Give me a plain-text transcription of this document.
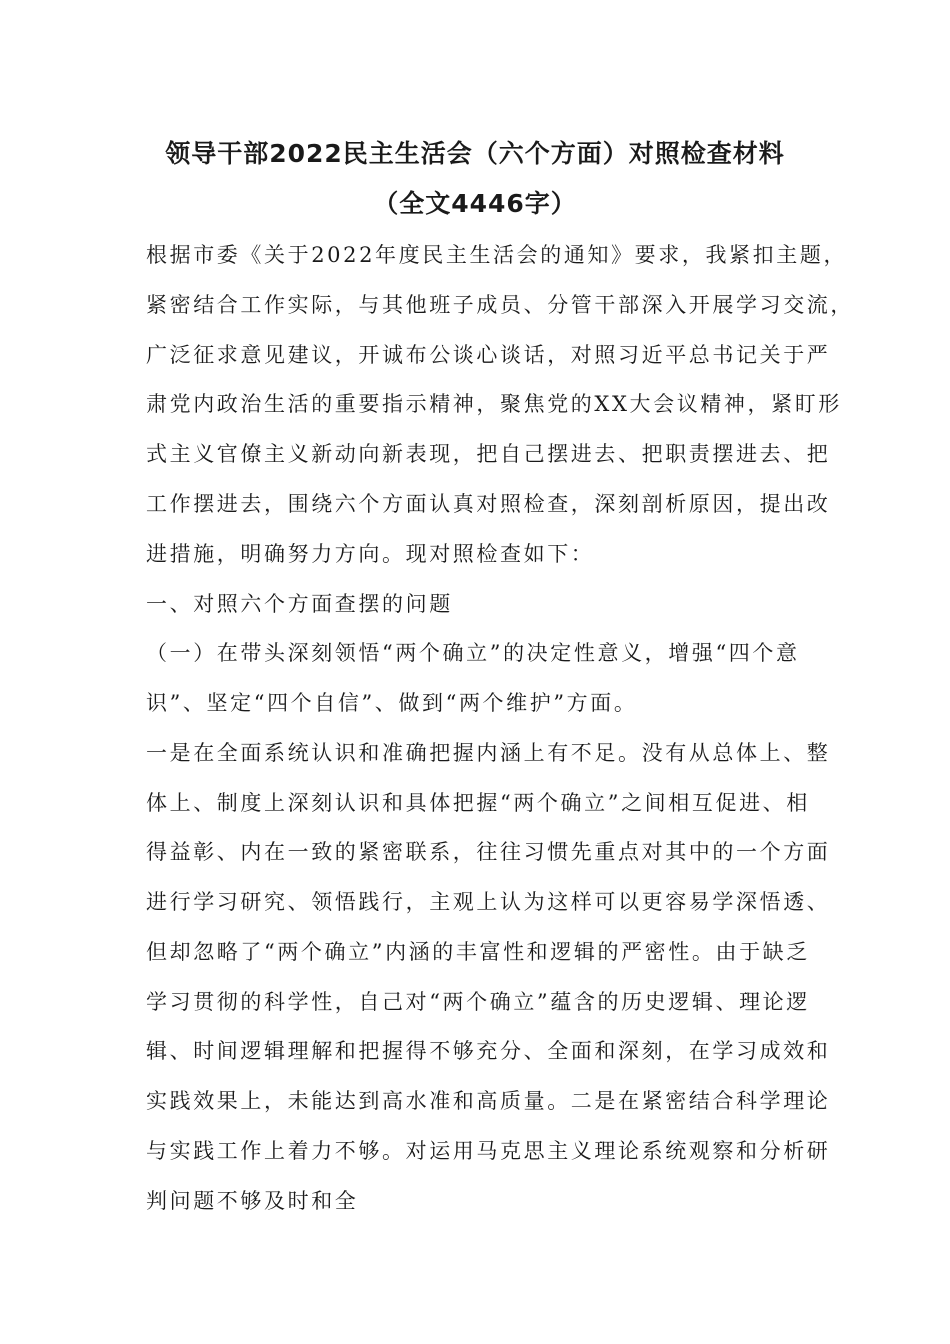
领导干部2022民主生活会（六个方面）对照检查材料
（全文4446字）

根据市委《关于2022年度民主生活会的通知》要求，我紧扣主题，

紧密结合工作实际，与其他班子成员、分管干部深入开展学习交流，

广泛征求意见建议，开诚布公谈心谈话，对照习近平总书记关于严

肃党内政治生活的重要指示精神，聚焦党的XX大会议精神，紧盯形

式主义官僚主义新动向新表现，把自己摆进去、把职责摆进去、把

工作摆进去，围绕六个方面认真对照检查，深刻剖析原因，提出改

进措施，明确努力方向。现对照检查如下：

一、对照六个方面查摆的问题

（一）在带头深刻领悟“两个确立”的决定性意义，增强“四个意

识”、坚定“四个自信”、做到“两个维护”方面。

一是在全面系统认识和准确把握内涵上有不足。没有从总体上、整

体上、制度上深刻认识和具体把握“两个确立”之间相互促进、相

得益彰、内在一致的紧密联系，往往习惯先重点对其中的一个方面

进行学习研究、领悟践行，主观上认为这样可以更容易学深悟透、

但却忽略了“两个确立”内涵的丰富性和逻辑的严密性。由于缺乏

学习贯彻的科学性，自己对“两个确立”蕴含的历史逻辑、理论逻

辑、时间逻辑理解和把握得不够充分、全面和深刻，在学习成效和

实践效果上，未能达到高水准和高质量。二是在紧密结合科学理论

与实践工作上着力不够。对运用马克思主义理论系统观察和分析研

判问题不够及时和全
